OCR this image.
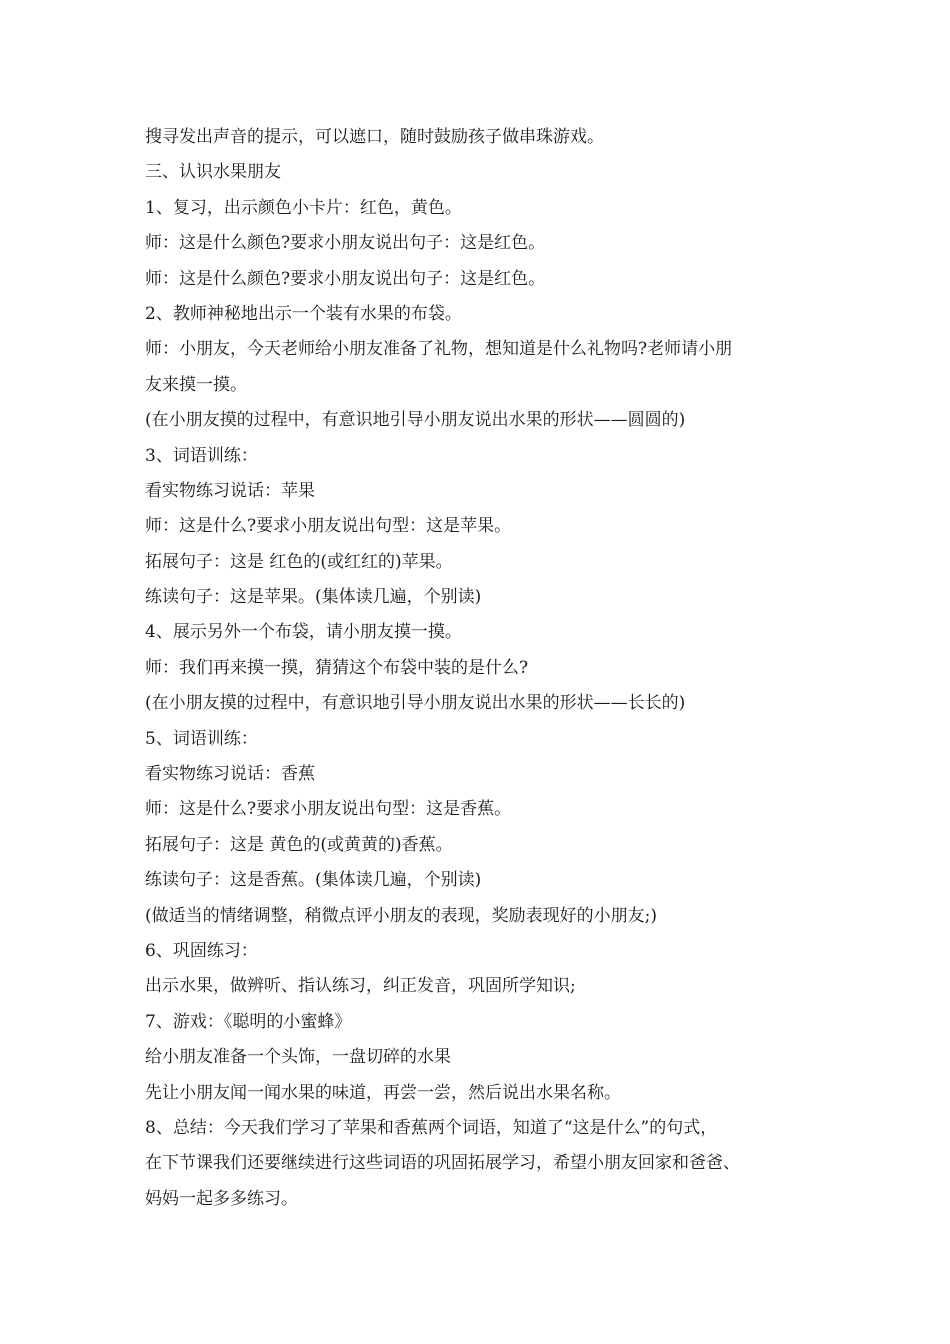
搜寻发出声音的提示，可以遮口，随时鼓励孩子做串珠游戏。

三、认识水果朋友

1、复习，出示颜色小卡片：红色，黄色。

师：这是什么颜色?要求小朋友说出句子：这是红色。

师：这是什么颜色?要求小朋友说出句子：这是红色。

2、教师神秘地出示一个装有水果的布袋。

师：小朋友，今天老师给小朋友准备了礼物，想知道是什么礼物吗?老师请小朋

友来摸一摸。

(在小朋友摸的过程中，有意识地引导小朋友说出水果的形状——圆圆的)

3、词语训练：

看实物练习说话：苹果

师：这是什么?要求小朋友说出句型：这是苹果。

拓展句子：这是 红色的(或红红的)苹果。

练读句子：这是苹果。(集体读几遍，个别读)

4、展示另外一个布袋，请小朋友摸一摸。

师：我们再来摸一摸，猜猜这个布袋中装的是什么?

(在小朋友摸的过程中，有意识地引导小朋友说出水果的形状——长长的)

5、词语训练：

看实物练习说话：香蕉

师：这是什么?要求小朋友说出句型：这是香蕉。

拓展句子：这是 黄色的(或黄黄的)香蕉。

练读句子：这是香蕉。(集体读几遍，个别读)

(做适当的情绪调整，稍微点评小朋友的表现，奖励表现好的小朋友;)

6、巩固练习：

出示水果，做辨听、指认练习，纠正发音，巩固所学知识;

7、游戏：《聪明的小蜜蜂》

给小朋友准备一个头饰，一盘切碎的水果

先让小朋友闻一闻水果的味道，再尝一尝，然后说出水果名称。

8、总结：今天我们学习了苹果和香蕉两个词语，知道了“这是什么”的句式，

在下节课我们还要继续进行这些词语的巩固拓展学习，希望小朋友回家和爸爸、

妈妈一起多多练习。
